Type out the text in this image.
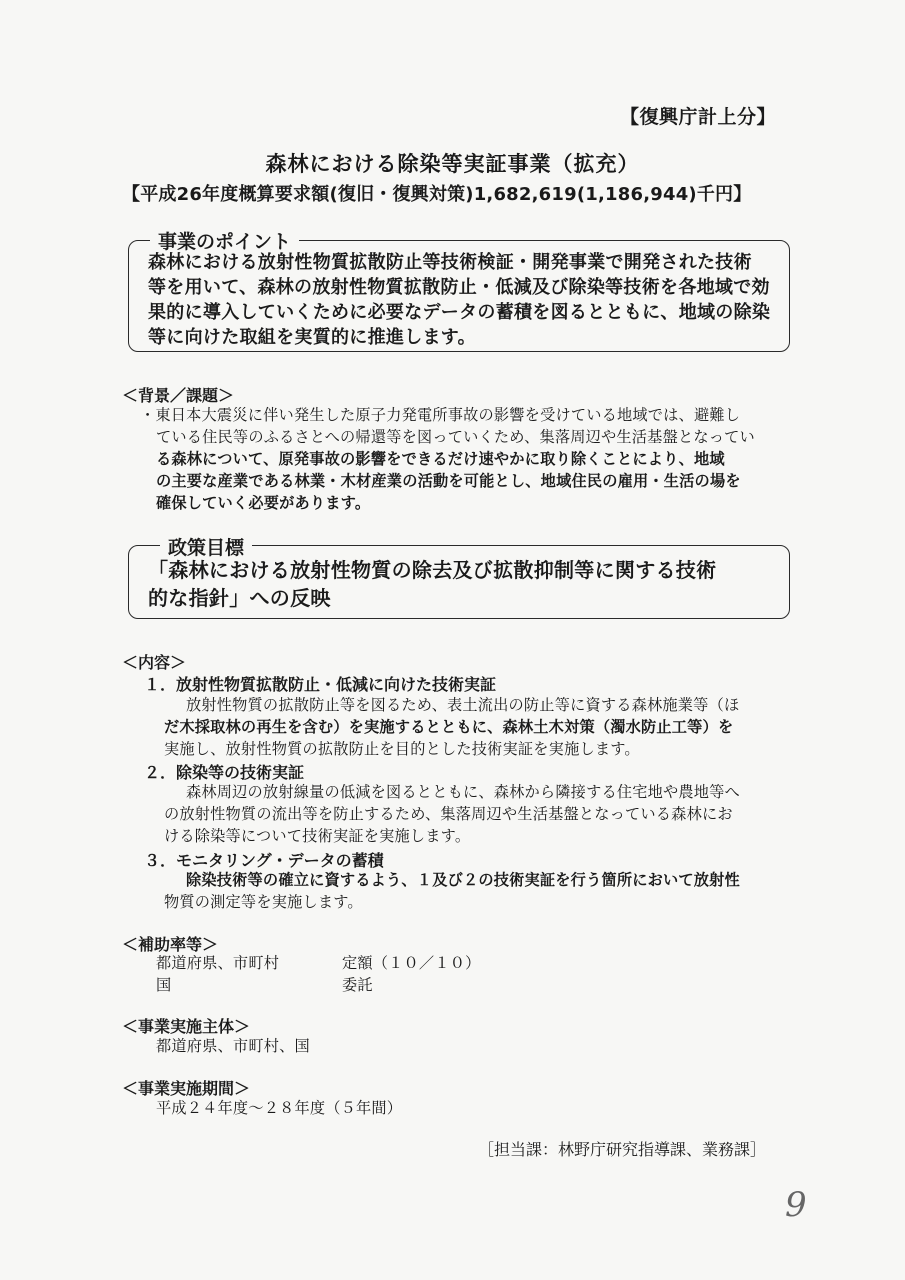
【復興庁計上分】
森林における除染等実証事業（拡充）
【平成26年度概算要求額(復旧・復興対策)1,682,619(1,186,944)千円】
事業のポイント
森林における放射性物質拡散防止等技術検証・開発事業で開発された技術
等を用いて、森林の放射性物質拡散防止・低減及び除染等技術を各地域で効
果的に導入していくために必要なデータの蓄積を図るとともに、地域の除染
等に向けた取組を実質的に推進します。
＜背景／課題＞
・東日本大震災に伴い発生した原子力発電所事故の影響を受けている地域では、避難し
ている住民等のふるさとへの帰還等を図っていくため、集落周辺や生活基盤となってい
る森林について、原発事故の影響をできるだけ速やかに取り除くことにより、地域
の主要な産業である林業・木材産業の活動を可能とし、地域住民の雇用・生活の場を
確保していく必要があります。
政策目標
「森林における放射性物質の除去及び拡散抑制等に関する技術
的な指針」への反映
＜内容＞
１．放射性物質拡散防止・低減に向けた技術実証
放射性物質の拡散防止等を図るため、表土流出の防止等に資する森林施業等（ほ
だ木採取林の再生を含む）を実施するとともに、森林土木対策（濁水防止工等）を
実施し、放射性物質の拡散防止を目的とした技術実証を実施します。
２．除染等の技術実証
森林周辺の放射線量の低減を図るとともに、森林から隣接する住宅地や農地等へ
の放射性物質の流出等を防止するため、集落周辺や生活基盤となっている森林にお
ける除染等について技術実証を実施します。
３．モニタリング・データの蓄積
除染技術等の確立に資するよう、１及び２の技術実証を行う箇所において放射性
物質の測定等を実施します。
＜補助率等＞
都道府県、市町村	定額（１０／１０）
国	委託
＜事業実施主体＞
都道府県、市町村、国
＜事業実施期間＞
平成２４年度～２８年度（５年間）
［担当課：林野庁研究指導課、業務課］
9
